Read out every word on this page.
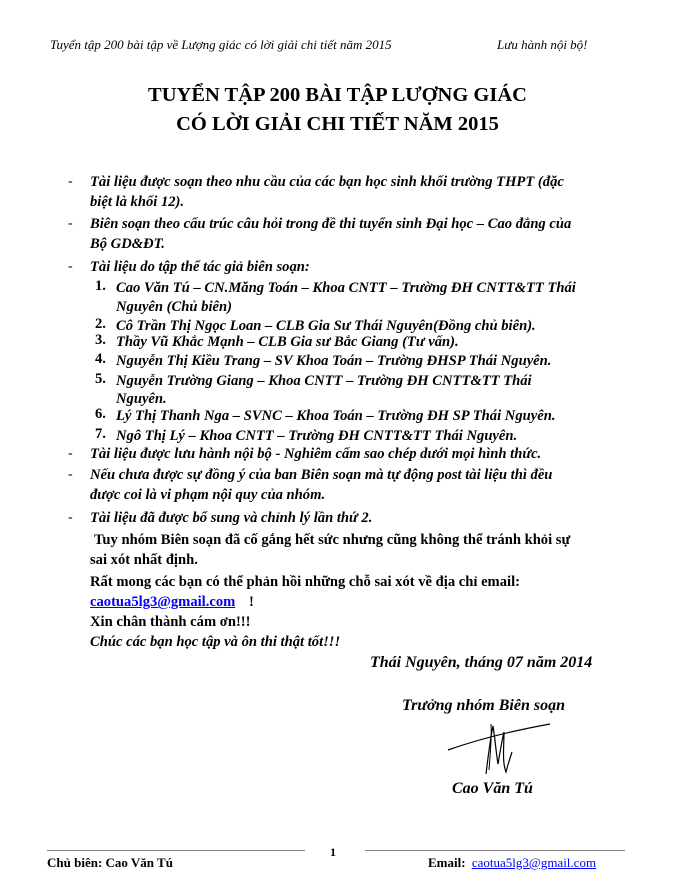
Tuyển tập 200 bài tập về Lượng giác có lời giải chi tiết năm 2015	Lưu hành nội bộ!
TUYỂN TẬP 200 BÀI TẬP LƯỢNG GIÁC
CÓ LỜI GIẢI CHI TIẾT NĂM 2015
- Tài liệu được soạn theo nhu cầu của các bạn học sinh khối trường THPT (đặc
biệt là khối 12).
- Biên soạn theo cấu trúc câu hỏi trong đề thi tuyển sinh Đại học – Cao đẳng của
Bộ GD&ĐT.
- Tài liệu do tập thể tác giả biên soạn:
1. Cao Văn Tú – CN.Măng Toán – Khoa CNTT – Trường ĐH CNTT&TT Thái
Nguyên (Chủ biên)
2. Cô Trần Thị Ngọc Loan – CLB Gia Sư Thái Nguyên(Đồng chủ biên).
3. Thầy Vũ Khắc Mạnh – CLB Gia sư Bắc Giang (Tư vấn).
4. Nguyễn Thị Kiều Trang – SV Khoa Toán – Trường ĐHSP Thái Nguyên.
5. Nguyễn Trường Giang – Khoa CNTT – Trường ĐH CNTT&TT Thái
Nguyên.
6. Lý Thị Thanh Nga – SVNC – Khoa Toán – Trường ĐH SP Thái Nguyên.
7. Ngô Thị Lý – Khoa CNTT – Trường ĐH CNTT&TT Thái Nguyên.
- Tài liệu được lưu hành nội bộ - Nghiêm cấm sao chép dưới mọi hình thức.
- Nếu chưa được sự đồng ý của ban Biên soạn mà tự động post tài liệu thì đều
được coi là vi phạm nội quy của nhóm.
- Tài liệu đã được bổ sung và chỉnh lý lần thứ 2.
Tuy nhóm Biên soạn đã cố gắng hết sức nhưng cũng không thể tránh khỏi sự
sai xót nhất định.
Rất mong các bạn có thể phản hồi những chỗ sai xót về địa chỉ email:
caotua5lg3@gmail.com !
Xin chân thành cám ơn!!!
Chúc các bạn học tập và ôn thi thật tốt!!!
Thái Nguyên, tháng 07 năm 2014
Trưởng nhóm Biên soạn
Cao Văn Tú
Chủ biên: Cao Văn Tú
1
Email: caotua5lg3@gmail.com
